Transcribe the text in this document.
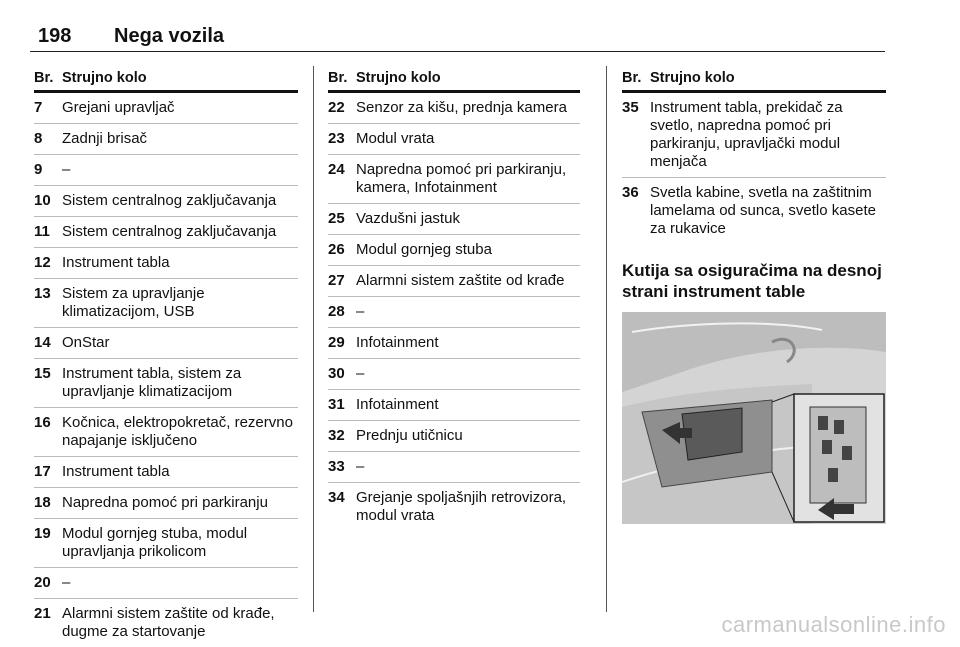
198 Nega vozila
Br. Strujno kolo
7 Grejani upravljač
8 Zadnji brisač
9 –
10 Sistem centralnog zaključavanja
11 Sistem centralnog zaključavanja
12 Instrument tabla
13 Sistem za upravljanje klimatizacijom, USB
14 OnStar
15 Instrument tabla, sistem za upravljanje klimatizacijom
16 Kočnica, elektropokretač, rezervno napajanje isključeno
17 Instrument tabla
18 Napredna pomoć pri parkiranju
19 Modul gornjeg stuba, modul upravljanja prikolicom
20 –
21 Alarmni sistem zaštite od krađe, dugme za startovanje
Br. Strujno kolo
22 Senzor za kišu, prednja kamera
23 Modul vrata
24 Napredna pomoć pri parkiranju, kamera, Infotainment
25 Vazdušni jastuk
26 Modul gornjeg stuba
27 Alarmni sistem zaštite od krađe
28 –
29 Infotainment
30 –
31 Infotainment
32 Prednju utičnicu
33 –
34 Grejanje spoljašnjih retrovizora, modul vrata
Br. Strujno kolo
35 Instrument tabla, prekidač za svetlo, napredna pomoć pri parkiranju, upravljački modul menjača
36 Svetla kabine, svetla na zaštitnim lamelama od sunca, svetlo kasete za rukavice
Kutija sa osiguračima na desnoj strani instrument table
carmanualsonline.info
